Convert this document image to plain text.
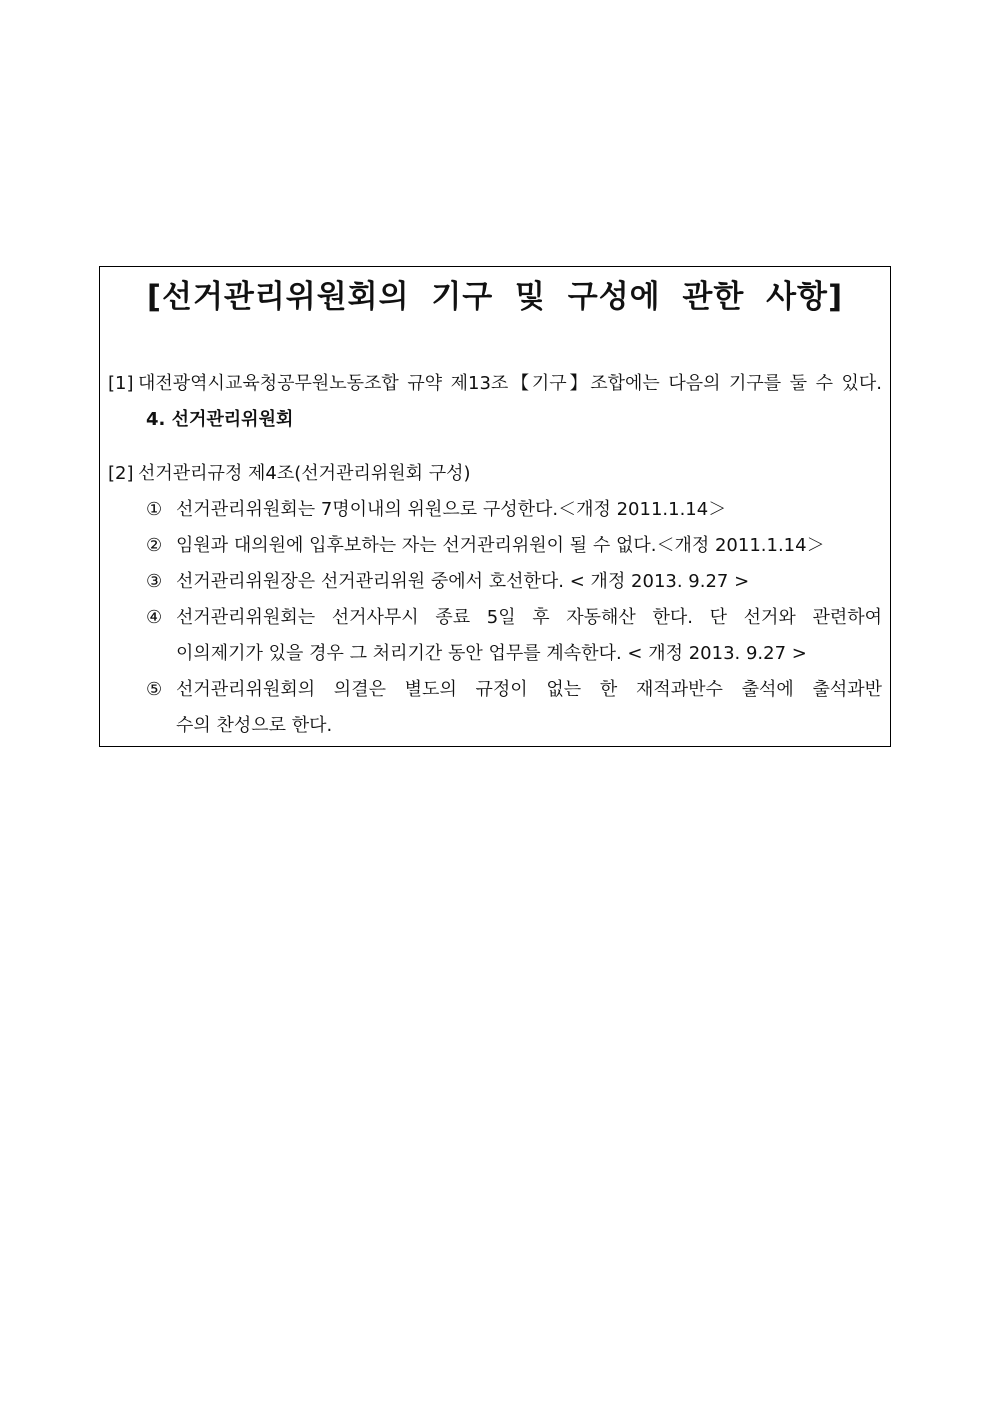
[선거관리위원회의 기구 및 구성에 관한 사항]
[1] 대전광역시교육청공무원노동조합 규약 제13조【기구】조합에는 다음의 기구를 둘 수 있다.
4. 선거관리위원회
[2] 선거관리규정 제4조(선거관리위원회 구성)
① 선거관리위원회는 7명이내의 위원으로 구성한다.＜개정 2011.1.14＞
② 임원과 대의원에 입후보하는 자는 선거관리위원이 될 수 없다.＜개정 2011.1.14＞
③ 선거관리위원장은 선거관리위원 중에서 호선한다. < 개정 2013. 9.27 >
④ 선거관리위원회는 선거사무시 종료 5일 후 자동해산 한다. 단 선거와 관련하여
이의제기가 있을 경우 그 처리기간 동안 업무를 계속한다. < 개정 2013. 9.27 >
⑤ 선거관리위원회의 의결은 별도의 규정이 없는 한 재적과반수 출석에 출석과반
수의 찬성으로 한다.
